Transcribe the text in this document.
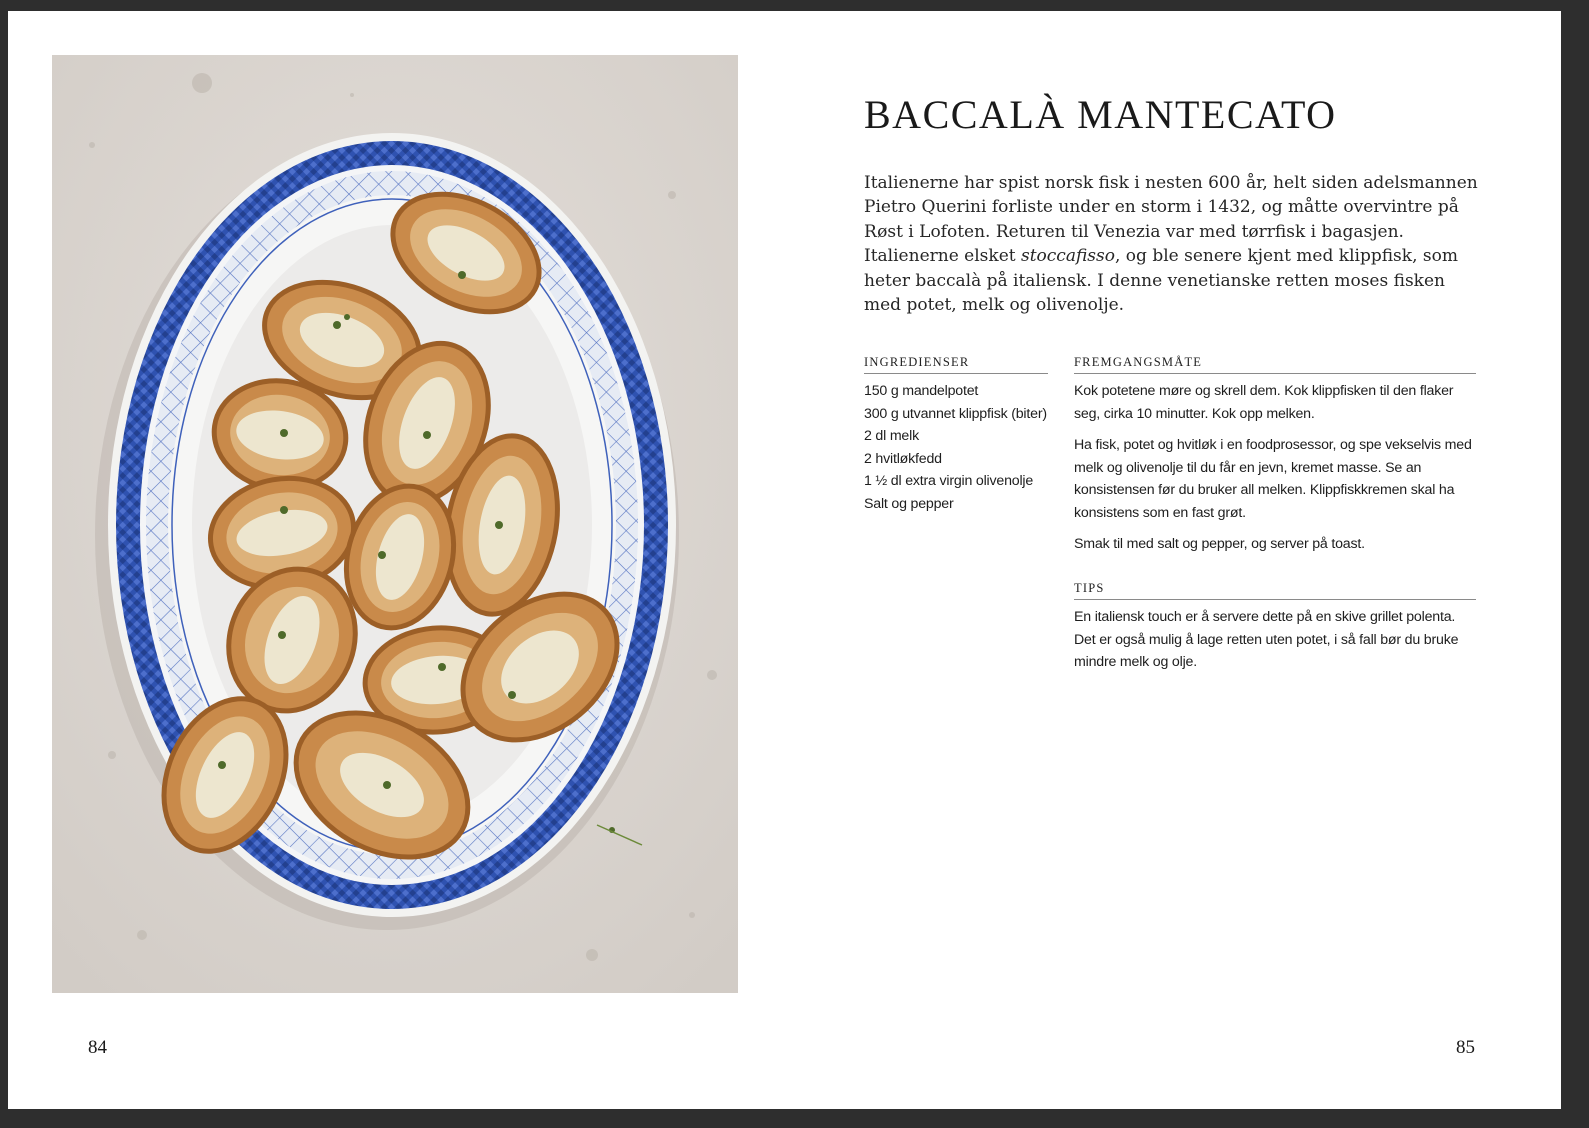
BACCALÀ MANTECATO

Italienerne har spist norsk fisk i nesten 600 år, helt siden adelsmannen Pietro Querini forliste under en storm i 1432, og måtte overvintre på Røst i Lofoten. Returen til Venezia var med tørrfisk i bagasjen. Italienerne elsket stoccafisso, og ble senere kjent med klippfisk, som heter baccalà på italiensk. I denne venetianske retten moses fisken med potet, melk og olivenolje.

INGREDIENSER
150 g mandelpotet
300 g utvannet klippfisk (biter)
2 dl melk
2 hvitløkfedd
1 ½ dl extra virgin olivenolje
Salt og pepper
FREMGANGSMÅTE

Kok potetene møre og skrell dem. Kok klippfisken til den flaker seg, cirka 10 minutter. Kok opp melken.

Ha fisk, potet og hvitløk i en foodprosessor, og spe vekselvis med melk og olivenolje til du får en jevn, kremet masse. Se an konsistensen før du bruker all melken. Klippfiskkremen skal ha konsistens som en fast grøt.

Smak til med salt og pepper, og server på toast.

TIPS

En italiensk touch er å servere dette på en skive grillet polenta. Det er også mulig å lage retten uten potet, i så fall bør du bruke mindre melk og olje.

84	85
